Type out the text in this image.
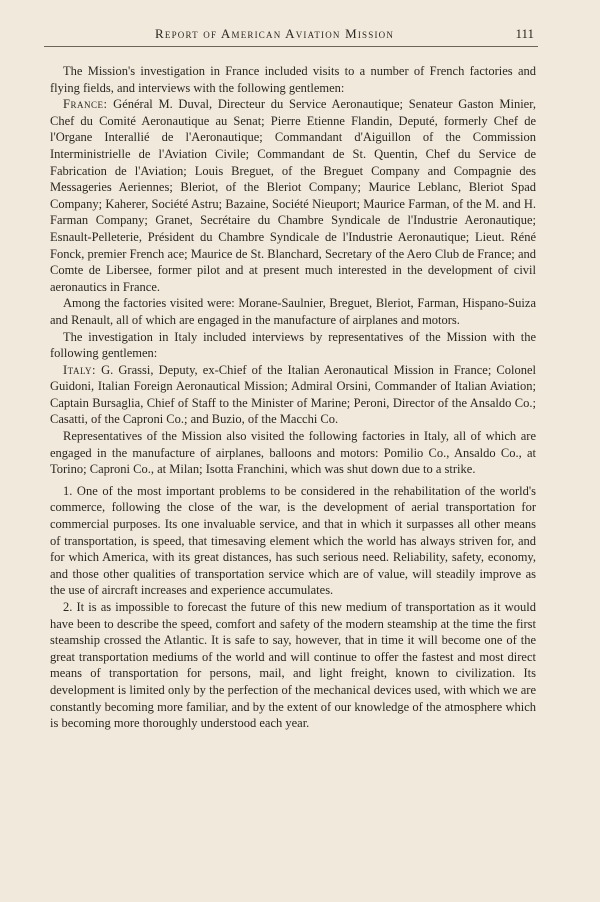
Report of American Aviation Mission	111

The Mission's investigation in France included visits to a number of French factories and flying fields, and interviews with the following gentlemen:

France: Général M. Duval, Directeur du Service Aeronautique; Senateur Gaston Minier, Chef du Comité Aeronautique au Senat; Pierre Etienne Flandin, Deputé, formerly Chef de l'Organe Interallié de l'Aeronautique; Commandant d'Aiguillon of the Commission Interministrielle de l'Aviation Civile; Commandant de St. Quentin, Chef du Service de Fabrication de l'Aviation; Louis Breguet, of the Breguet Company and Compagnie des Messageries Aeriennes; Bleriot, of the Bleriot Company; Maurice Leblanc, Bleriot Spad Company; Kaherer, Société Astru; Bazaine, Société Nieuport; Maurice Farman, of the M. and H. Farman Company; Granet, Secrétaire du Chambre Syndicale de l'Industrie Aeronautique; Esnault-Pelleterie, Président du Chambre Syndicale de l'Industrie Aeronautique; Lieut. Réné Fonck, premier French ace; Maurice de St. Blanchard, Secretary of the Aero Club de France; and Comte de Libersee, former pilot and at present much interested in the development of civil aeronautics in France.

Among the factories visited were: Morane-Saulnier, Breguet, Bleriot, Farman, Hispano-Suiza and Renault, all of which are engaged in the manufacture of airplanes and motors.

The investigation in Italy included interviews by representatives of the Mission with the following gentlemen:

Italy: G. Grassi, Deputy, ex-Chief of the Italian Aeronautical Mission in France; Colonel Guidoni, Italian Foreign Aeronautical Mission; Admiral Orsini, Commander of Italian Aviation; Captain Bursaglia, Chief of Staff to the Minister of Marine; Peroni, Director of the Ansaldo Co.; Casatti, of the Caproni Co.; and Buzio, of the Macchi Co.

Representatives of the Mission also visited the following factories in Italy, all of which are engaged in the manufacture of airplanes, balloons and motors: Pomilio Co., Ansaldo Co., at Torino; Caproni Co., at Milan; Isotta Franchini, which was shut down due to a strike.

1. One of the most important problems to be considered in the rehabilitation of the world's commerce, following the close of the war, is the development of aerial transportation for commercial purposes. Its one invaluable service, and that in which it surpasses all other means of transportation, is speed, that timesaving element which the world has always striven for, and for which America, with its great distances, has such serious need. Reliability, safety, economy, and those other qualities of transportation service which are of value, will steadily improve as the use of aircraft increases and experience accumulates.

2. It is as impossible to forecast the future of this new medium of transportation as it would have been to describe the speed, comfort and safety of the modern steamship at the time the first steamship crossed the Atlantic. It is safe to say, however, that in time it will become one of the great transportation mediums of the world and will continue to offer the fastest and most direct means of transportation for persons, mail, and light freight, known to civilization. Its development is limited only by the perfection of the mechanical devices used, with which we are constantly becoming more familiar, and by the extent of our knowledge of the atmosphere which is becoming more thoroughly understood each year.
